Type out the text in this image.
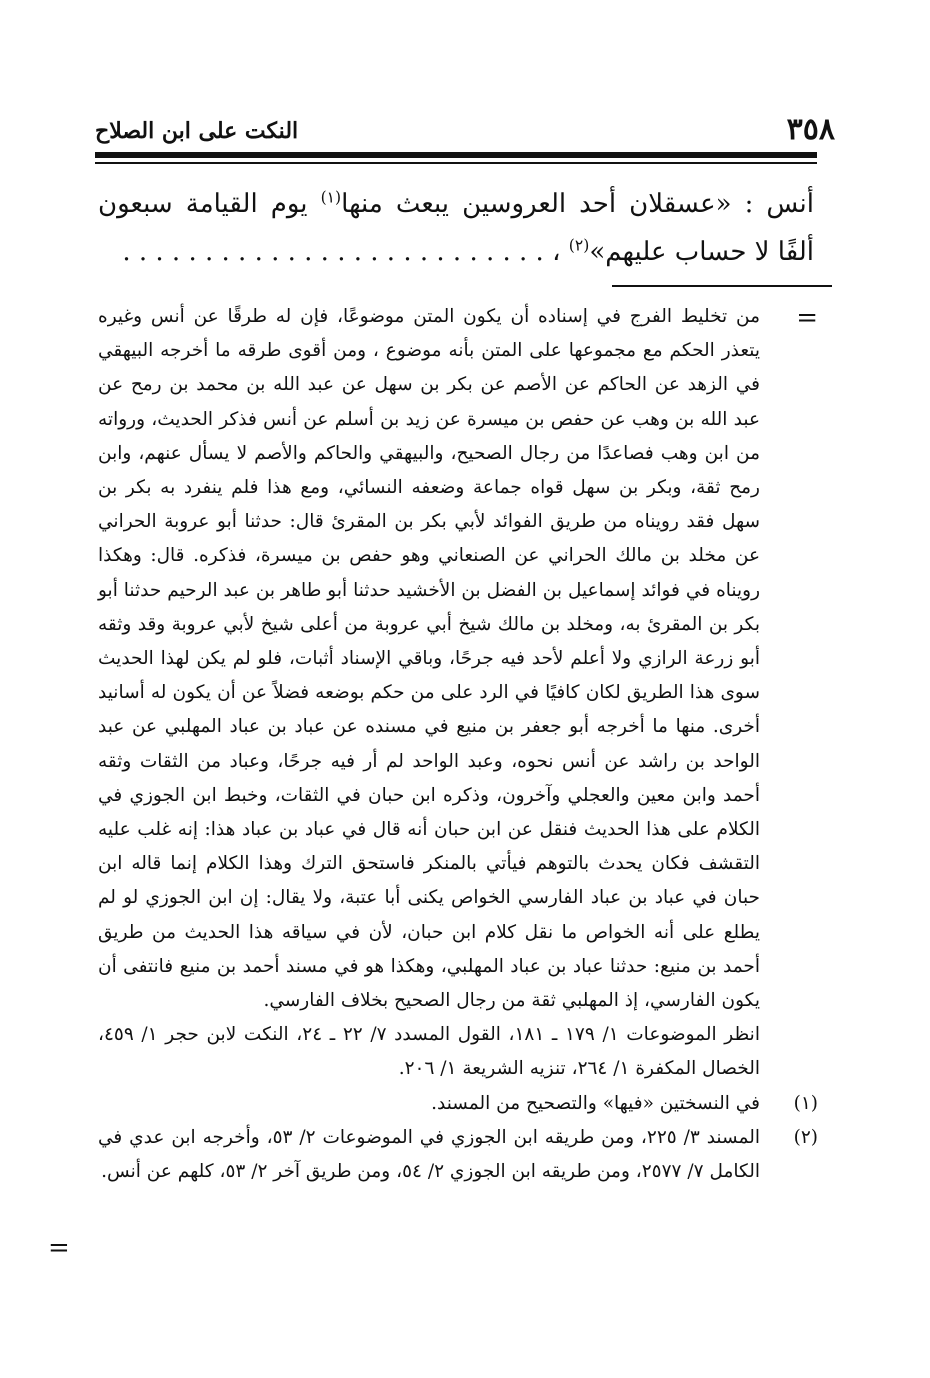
٣٥٨
النكت على ابن الصلاح
أنس : «عسقلان أحد العروسين يبعث منها$^{(١)}$ يوم القيامة سبعون ألفًا لا حساب عليهم»$^{(٢)}$ ، . . . . . . . . . . . . . . . . . . . . . . . . . .
=

من تخليط الفرج في إسناده أن يكون المتن موضوعًا، فإن له طرقًا عن أنس وغيره يتعذر الحكم مع مجموعها على المتن بأنه موضوع ، ومن أقوى طرقه ما أخرجه البيهقي في الزهد عن الحاكم عن الأصم عن بكر بن سهل عن عبد الله بن محمد بن رمح عن عبد الله بن وهب عن حفص بن ميسرة عن زيد بن أسلم عن أنس فذكر الحديث، ورواته من ابن وهب فصاعدًا من رجال الصحيح، والبيهقي والحاكم والأصم لا يسأل عنهم، وابن رمح ثقة، وبكر بن سهل قواه جماعة وضعفه النسائي، ومع هذا فلم ينفرد به بكر بن سهل فقد رويناه من طريق الفوائد لأبي بكر بن المقرئ قال: حدثنا أبو عروبة الحراني عن مخلد بن مالك الحراني عن الصنعاني وهو حفص بن ميسرة، فذكره. قال: وهكذا رويناه في فوائد إسماعيل بن الفضل بن الأخشيد حدثنا أبو طاهر بن عبد الرحيم حدثنا أبو بكر بن المقرئ به، ومخلد بن مالك شيخ أبي عروبة من أعلى شيخ لأبي عروبة وقد وثقه أبو زرعة الرازي ولا أعلم لأحد فيه جرحًا، وباقي الإسناد أثبات، فلو لم يكن لهذا الحديث سوى هذا الطريق لكان كافيًا في الرد على من حكم بوضعه فضلاً عن أن يكون له أسانيد أخرى. منها ما أخرجه أبو جعفر بن منيع في مسنده عن عباد بن عباد المهلبي عن عبد الواحد بن راشد عن أنس نحوه، وعبد الواحد لم أر فيه جرحًا، وعباد من الثقات وثقه أحمد وابن معين والعجلي وآخرون، وذكره ابن حبان في الثقات، وخبط ابن الجوزي في الكلام على هذا الحديث فنقل عن ابن حبان أنه قال في عباد بن عباد هذا: إنه غلب عليه التقشف فكان يحدث بالتوهم فيأتي بالمنكر فاستحق الترك وهذا الكلام إنما قاله ابن حبان في عباد بن عباد الفارسي الخواص يكنى أبا عتبة، ولا يقال: إن ابن الجوزي لو لم يطلع على أنه الخواص ما نقل كلام ابن حبان، لأن في سياقه هذا الحديث من طريق أحمد بن منيع: حدثنا عباد بن عباد المهلبي، وهكذا هو في مسند أحمد بن منيع فانتفى أن يكون الفارسي، إذ المهلبي ثقة من رجال الصحيح بخلاف الفارسي.

انظر الموضوعات ١/ ١٧٩ ـ ١٨١، القول المسدد ٧/ ٢٢ ـ ٢٤، النكت لابن حجر ١/ ٤٥٩، الخصال المكفرة ١/ ٢٦٤، تنزيه الشريعة ١/ ٢٠٦.

(١)
في النسختين «فيها» والتصحيح من المسند.
(٢)
المسند ٣/ ٢٢٥، ومن طريقه ابن الجوزي في الموضوعات ٢/ ٥٣، وأخرجه ابن عدي في الكامل ٧/ ٢٥٧٧، ومن طريقه ابن الجوزي ٢/ ٥٤، ومن طريق آخر ٢/ ٥٣، كلهم عن أنس.
=
